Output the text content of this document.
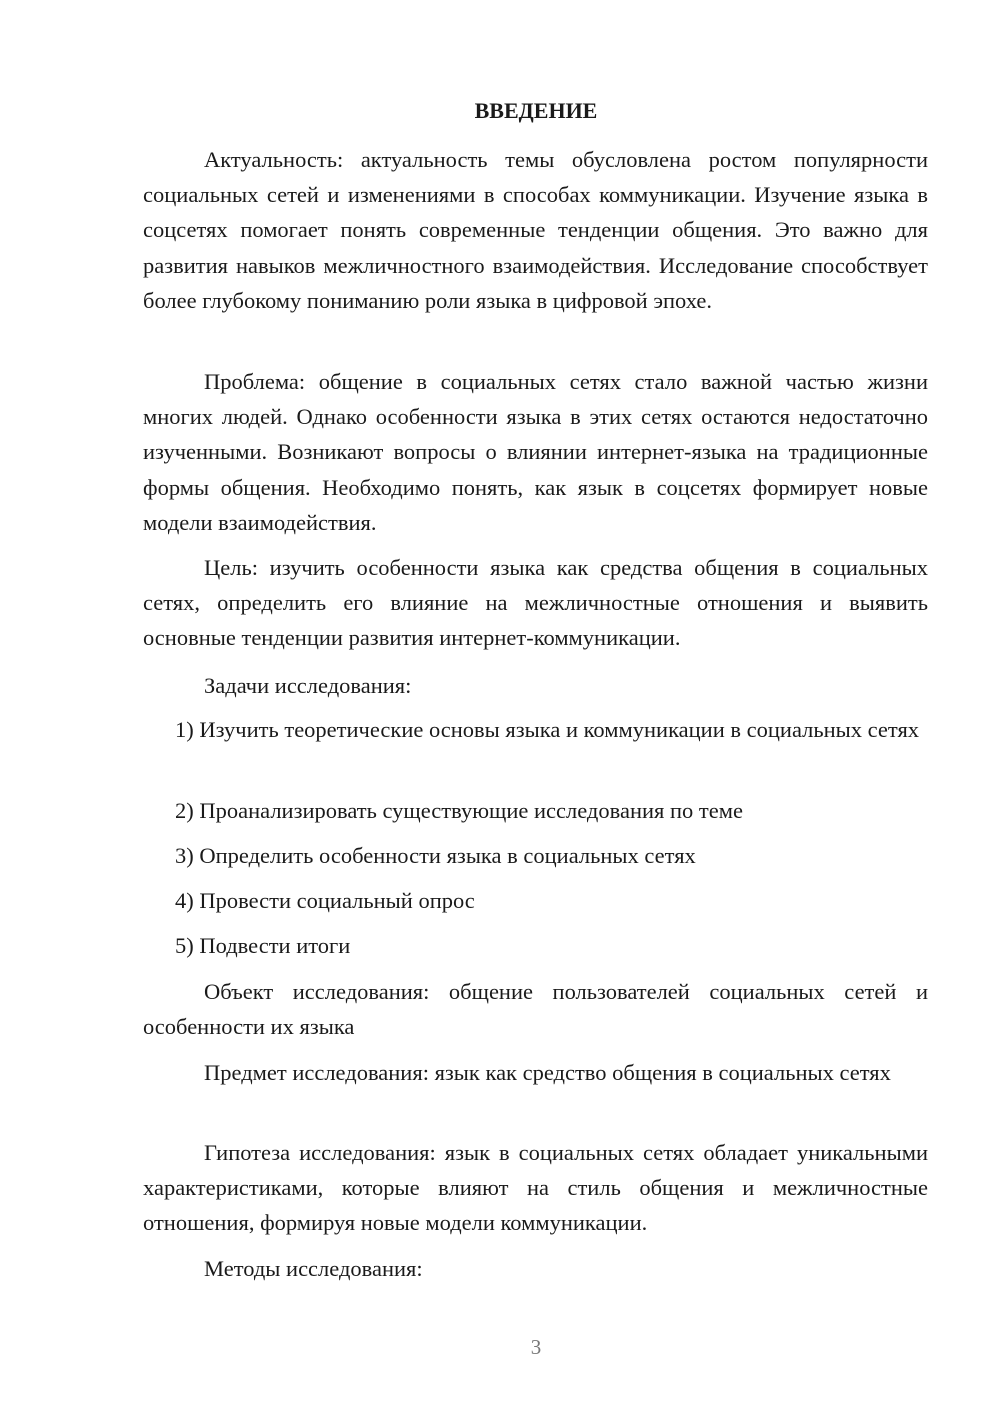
ВВЕДЕНИЕ

Актуальность: актуальность темы обусловлена ростом популярности социальных сетей и изменениями в способах коммуникации. Изучение языка в соцсетях помогает понять современные тенденции общения. Это важно для развития навыков межличностного взаимодействия. Исследование способствует более глубокому пониманию роли языка в цифровой эпохе.

Проблема: общение в социальных сетях стало важной частью жизни многих людей. Однако особенности языка в этих сетях остаются недостаточно изученными. Возникают вопросы о влиянии интернет-языка на традиционные формы общения. Необходимо понять, как язык в соцсетях формирует новые модели взаимодействия.

Цель: изучить особенности языка как средства общения в социальных сетях, определить его влияние на межличностные отношения и выявить основные тенденции развития интернет-коммуникации.

Задачи исследования:

1) Изучить теоретические основы языка и коммуникации в социальных сетях

2) Проанализировать существующие исследования по теме

3) Определить особенности языка в социальных сетях

4) Провести социальный опрос

5) Подвести итоги

Объект исследования: общение пользователей социальных сетей и особенности их языка

Предмет исследования: язык как средство общения в социальных сетях

Гипотеза исследования: язык в социальных сетях обладает уникальными характеристиками, которые влияют на стиль общения и межличностные отношения, формируя новые модели коммуникации.

Методы исследования:

3
